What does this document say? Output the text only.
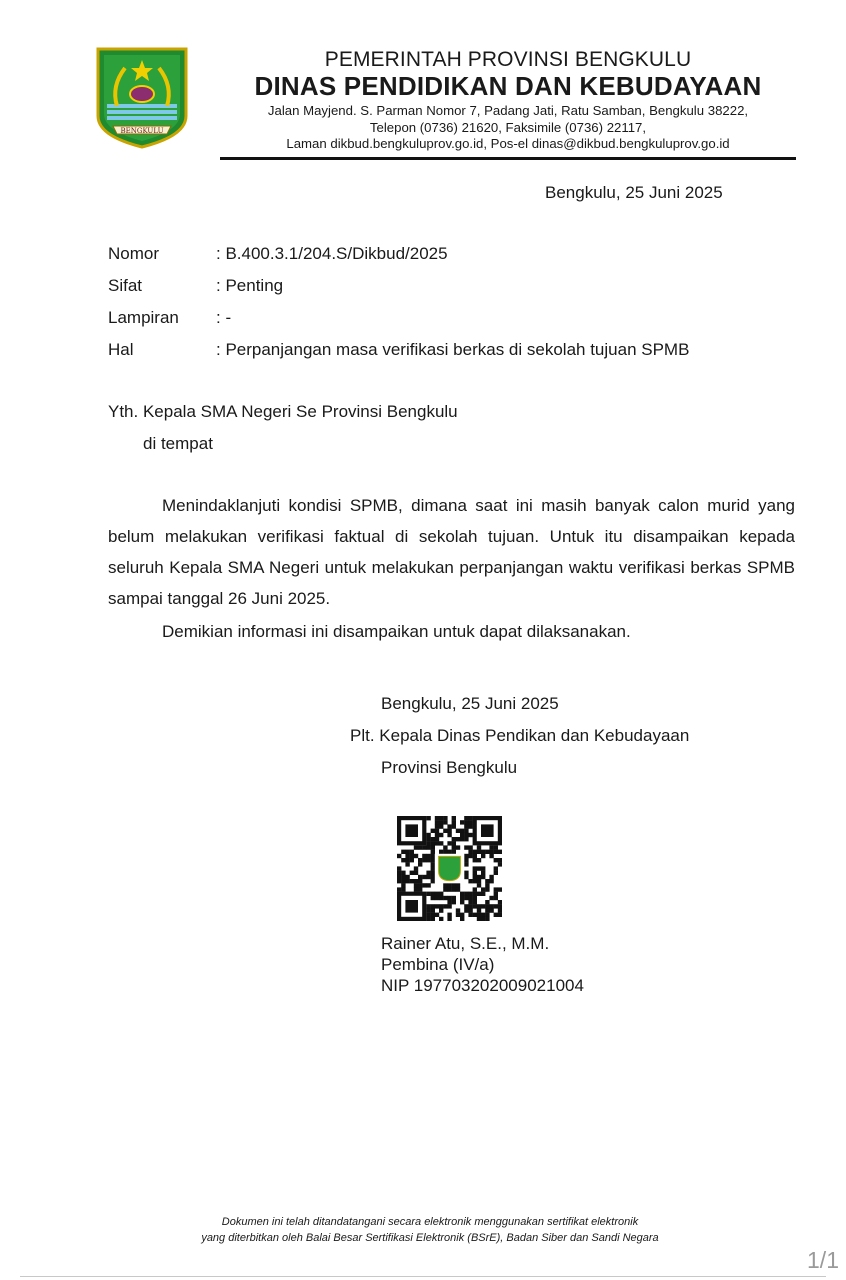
BENGKULU
PEMERINTAH PROVINSI BENGKULU
DINAS PENDIDIKAN DAN KEBUDAYAAN
Jalan Mayjend. S. Parman Nomor 7, Padang Jati, Ratu Samban, Bengkulu 38222,
Telepon (0736) 21620, Faksimile (0736) 22117,
Laman dikbud.bengkuluprov.go.id, Pos-el dinas@dikbud.bengkuluprov.go.id
Bengkulu, 25 Juni 2025
Nomor	: B.400.3.1/204.S/Dikbud/2025
Sifat	: Penting
Lampiran : -
Hal	: Perpanjangan masa verifikasi berkas di sekolah tujuan SPMB
Yth. Kepala SMA Negeri Se Provinsi Bengkulu
di tempat
Menindaklanjuti kondisi SPMB, dimana saat ini masih banyak calon murid yang belum melakukan verifikasi faktual di sekolah tujuan. Untuk itu disampaikan kepada seluruh Kepala SMA Negeri untuk melakukan perpanjangan waktu verifikasi berkas SPMB sampai tanggal 26 Juni 2025.
Demikian informasi ini disampaikan untuk dapat dilaksanakan.
Bengkulu, 25 Juni 2025
Plt. Kepala Dinas Pendikan dan Kebudayaan
Provinsi Bengkulu
Rainer Atu, S.E., M.M.
Pembina (IV/a)
NIP 197703202009021004
Dokumen ini telah ditandatangani secara elektronik menggunakan sertifikat elektronik
yang diterbitkan oleh Balai Besar Sertifikasi Elektronik (BSrE), Badan Siber dan Sandi Negara
1/1
